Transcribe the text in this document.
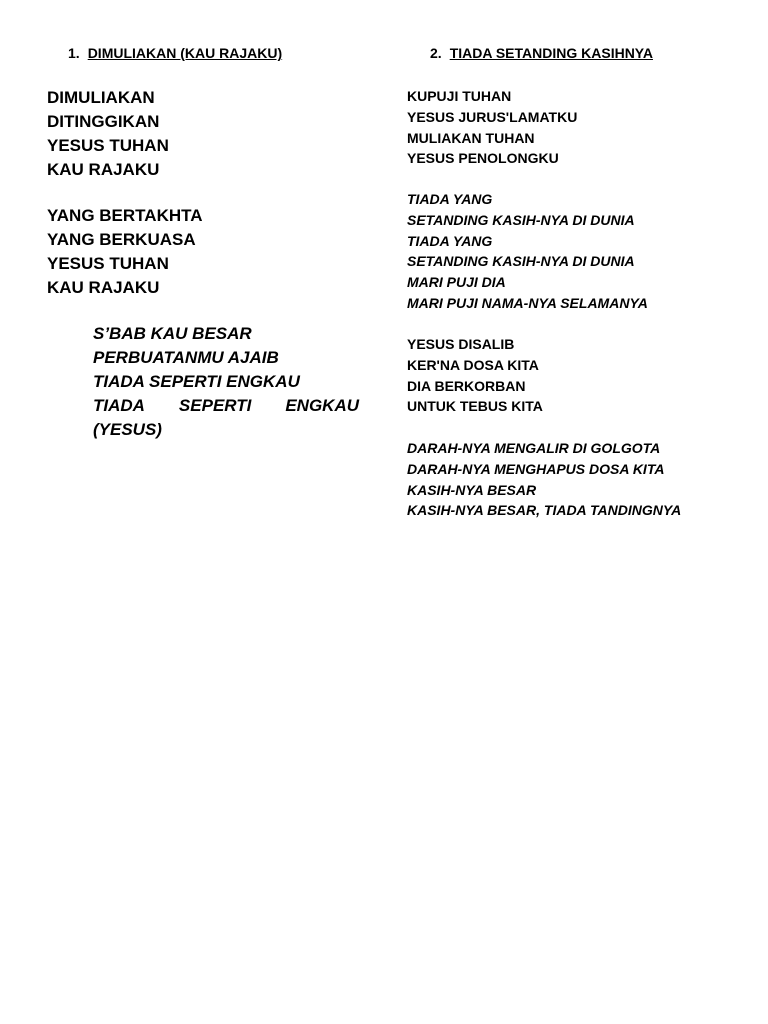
1. DIMULIAKAN (KAU RAJAKU)	2. TIADA SETANDING KASIHNYA
DIMULIAKAN
DITINGGIKAN
YESUS TUHAN
KAU RAJAKU
YANG BERTAKHTA
YANG BERKUASA
YESUS TUHAN
KAU RAJAKU
S’BAB KAU BESAR
PERBUATANMU AJAIB
TIADA SEPERTI ENGKAU
TIADA SEPERTI ENGKAU
(YESUS)
KUPUJI TUHAN
YESUS JURUS'LAMATKU
MULIAKAN TUHAN
YESUS PENOLONGKU
TIADA YANG
SETANDING KASIH-NYA DI DUNIA
TIADA YANG
SETANDING KASIH-NYA DI DUNIA
MARI PUJI DIA
MARI PUJI NAMA-NYA SELAMANYA
YESUS DISALIB
KER'NA DOSA KITA
DIA BERKORBAN
UNTUK TEBUS KITA
DARAH-NYA MENGALIR DI GOLGOTA
DARAH-NYA MENGHAPUS DOSA KITA
KASIH-NYA BESAR
KASIH-NYA BESAR, TIADA TANDINGNYA
